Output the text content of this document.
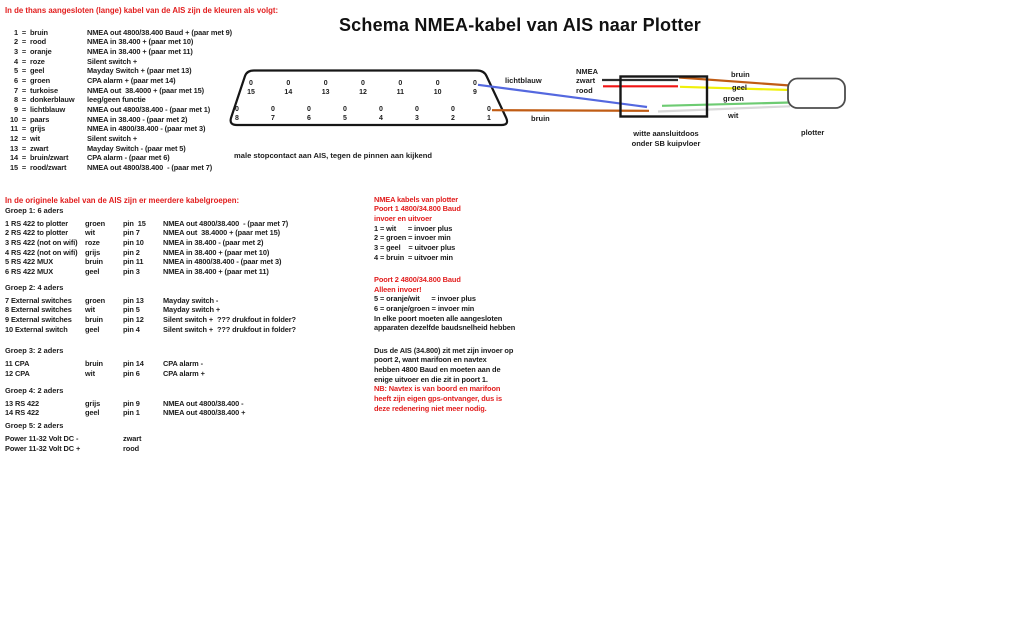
Schema NMEA-kabel van AIS naar Plotter
In de thans aangesloten (lange) kabel van de AIS zijn de kleuren als volgt:
1 = bruin	NMEA out 4800/38.400 Baud + (paar met 9)
2 = rood	NMEA in 38.400 + (paar met 10)
3 = oranje	NMEA in 38.400 + (paar met 11)
4 = roze	Silent switch +
5 = geel	Mayday Switch + (paar met 13)
6 = groen	CPA alarm + (paar met 14)
7 = turkoise	NMEA out  38.4000 + (paar met 15)
8 = donkerblauw	leeg/geen functie
9 = lichtblauw	NMEA out 4800/38.400 - (paar met 1)
10 = paars	NMEA in 38.400 - (paar met 2)
11 = grijs	NMEA in 4800/38.400 - (paar met 3)
12 = wit	Silent switch +
13 = zwart	Mayday Switch - (paar met 5)
14 = bruin/zwart	CPA alarm - (paar met 6)
15 = rood/zwart	NMEA out 4800/38.400  - (paar met 7)
In de originele kabel van de AIS zijn er meerdere kabelgroepen:
Groep 1: 6 aders
1 RS 422 to plotter	groen	pin  15	NMEA out 4800/38.400  - (paar met 7)
2 RS 422 to plotter	wit	pin 7	NMEA out  38.4000 + (paar met 15)
3 RS 422 (not on wifi)	roze	pin 10	NMEA in 38.400 - (paar met 2)
4 RS 422 (not on wifi)	grijs	pin 2	NMEA in 38.400 + (paar met 10)
5 RS 422 MUX	bruin	pin 11	NMEA in 4800/38.400 - (paar met 3)
6 RS 422 MUX	geel	pin 3	NMEA in 38.400 + (paar met 11)
Groep 2: 4 aders
7 External switches	groen	pin 13	Mayday switch -
8 External switches	wit	pin 5	Mayday switch +
9 External switches	bruin	pin 12	Silent switch +  ??? drukfout in folder?
10 External switch	geel	pin 4	Silent switch +  ??? drukfout in folder?
Groep 3: 2 aders
11 CPA	bruin	pin 14	CPA alarm -
12 CPA	wit	pin 6	CPA alarm +
Groep 4: 2 aders
13 RS 422	grijs	pin 9	NMEA out 4800/38.400 -
14 RS 422	geel	pin 1	NMEA out 4800/38.400 +
Groep 5: 2 aders
Power 11-32 Volt DC -	zwart
Power 11-32 Volt DC +	rood
NMEA kabels van plotter
Poort 1 4800/34.800 Baud
invoer en uitvoer
1 = wit      = invoer plus
2 = groen = invoer min
3 = geel    = uitvoer plus
4 = bruin  = uitvoer min
Poort 2 4800/34.800 Baud
Alleen invoer!
5 = oranje/wit      = invoer plus
6 = oranje/groen = invoer min
In elke poort moeten alle aangesloten
apparaten dezelfde baudsnelheid hebben
Dus de AIS (34.800) zit met zijn invoer op
poort 2, want marifoon en navtex
hebben 4800 Baud en moeten aan de
enige uitvoer en die zit in poort 1.
NB: Navtex is van boord en marifoon
heeft zijn eigen gps-ontvanger, dus is
deze redenering niet meer nodig.
0
15
0
14
0
13
0
12
0
11
0
10
0
9
0
8
0
7
0
6
0
5
0
4
0
3
0
2
0
1
lichtblauw
bruin
NMEA
zwart
rood
bruin
geel
groen
wit
witte aansluitdoos
onder SB kuipvloer
plotter
male stopcontact aan AIS, tegen de pinnen aan kijkend
